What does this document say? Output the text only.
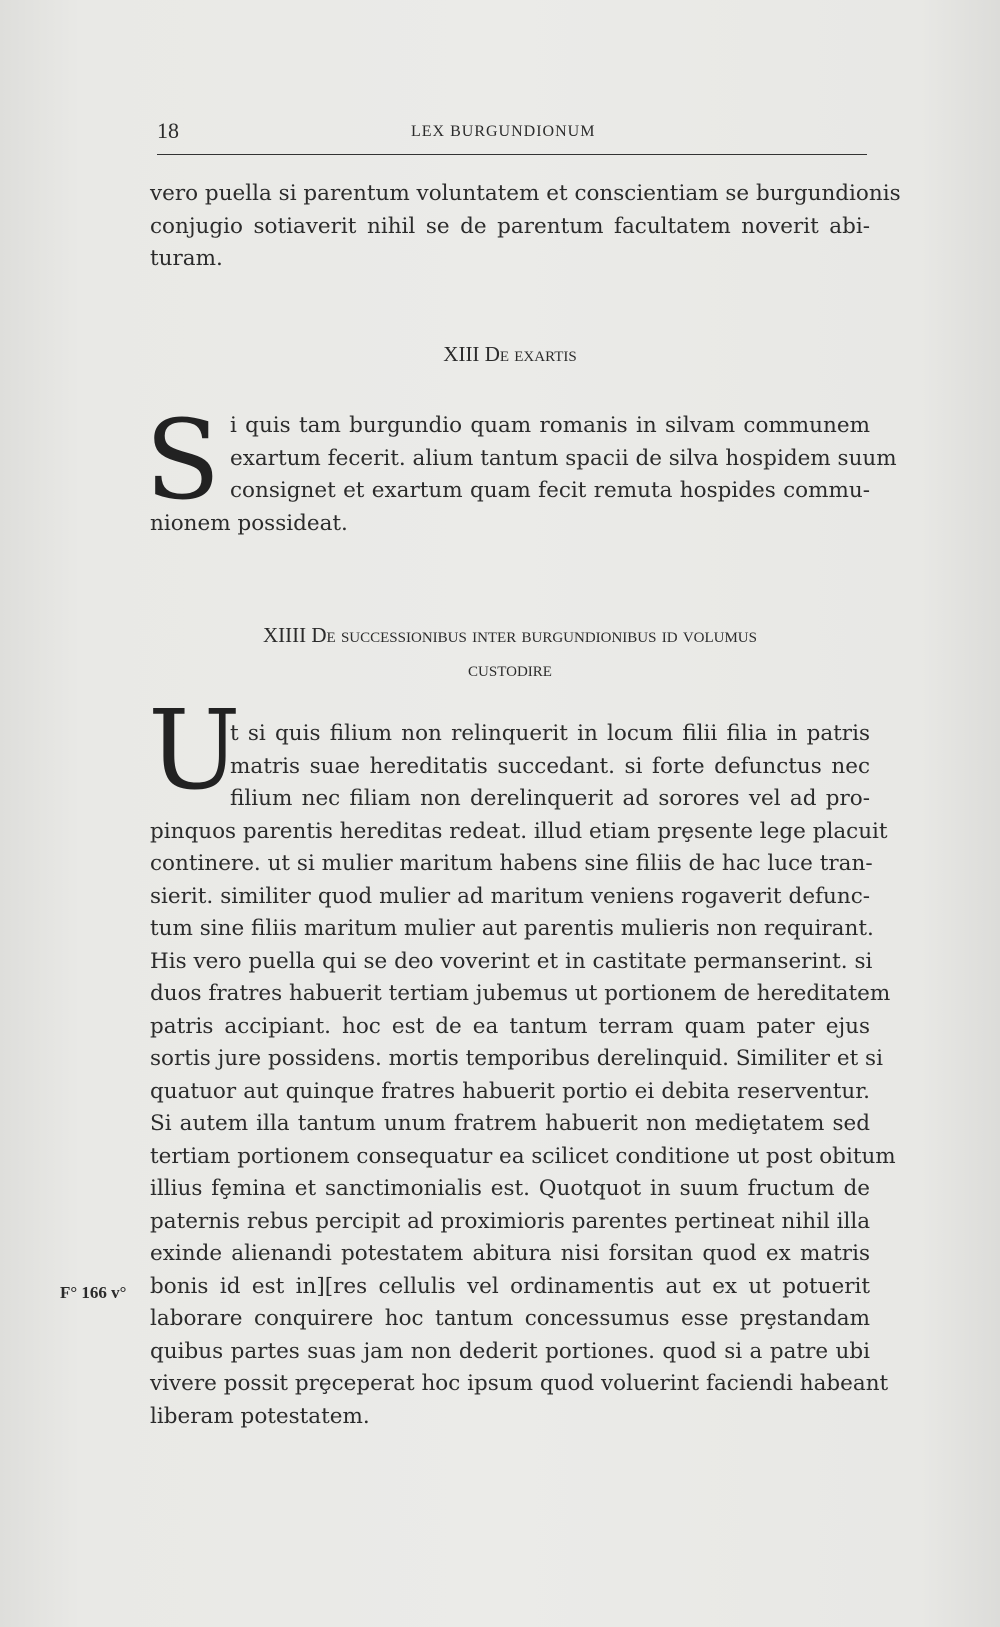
18	LEX BURGUNDIONUM
vero puella si parentum voluntatem et conscientiam se burgundionis
conjugio sotiaverit nihil se de parentum facultatem noverit abi-
turam.
XIII De exartis
S i quis tam burgundio quam romanis in silvam communem
exartum fecerit. alium tantum spacii de silva hospidem suum
consignet et exartum quam fecit remuta hospides commu-
nionem possideat.
XIIII De successionibus inter burgundionibus id volumus
custodire
U
t si quis filium non relinquerit in locum filii filia in patris
matris suae hereditatis succedant. si forte defunctus nec
filium nec filiam non derelinquerit ad sorores vel ad pro-
pinquos parentis hereditas redeat. illud etiam prȩsente lege placuit
continere. ut si mulier maritum habens sine filiis de hac luce tran-
sierit. similiter quod mulier ad maritum veniens rogaverit defunc-
tum sine filiis maritum mulier aut parentis mulieris non requirant.
His vero puella qui se deo voverint et in castitate permanserint. si
duos fratres habuerit tertiam jubemus ut portionem de hereditatem
patris accipiant. hoc est de ea tantum terram quam pater ejus
sortis jure possidens. mortis temporibus derelinquid. Similiter et si
quatuor aut quinque fratres habuerit portio ei debita reserventur.
Si autem illa tantum unum fratrem habuerit non mediȩtatem sed
tertiam portionem consequatur ea scilicet conditione ut post obitum
illius fȩmina et sanctimonialis est. Quotquot in suum fructum de
paternis rebus percipit ad proximioris parentes pertineat nihil illa
exinde alienandi potestatem abitura nisi forsitan quod ex matris
bonis id est in][res cellulis vel ordinamentis aut ex ut potuerit
laborare conquirere hoc tantum concessumus esse prȩstandam
quibus partes suas jam non dederit portiones. quod si a patre ubi
vivere possit prȩceperat hoc ipsum quod voluerint faciendi habeant
liberam potestatem.
F° 166 v°
